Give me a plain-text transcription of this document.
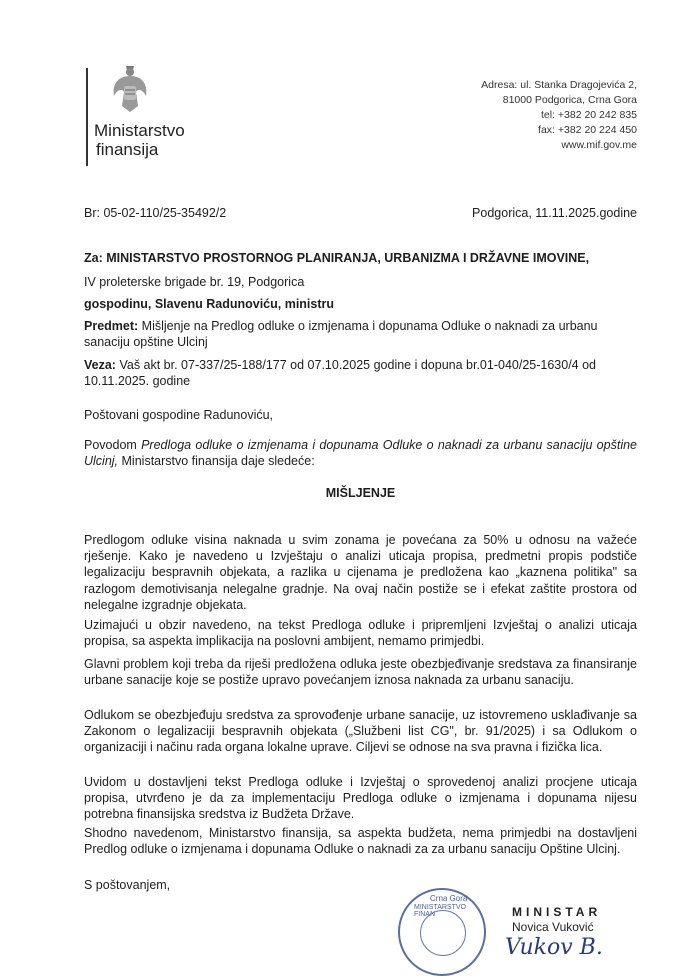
Ministarstvo
finansija
Adresa: ul. Stanka Dragojevića 2,
81000 Podgorica, Crna Gora
tel: +382 20 242 835
fax: +382 20 224 450
www.mif.gov.me
Br: 05-02-110/25-35492/2	Podgorica, 11.11.2025.godine
Za: MINISTARSTVO PROSTORNOG PLANIRANJA, URBANIZMA I DRŽAVNE IMOVINE,
IV proleterske brigade br. 19, Podgorica
gospodinu, Slavenu Radunoviću, ministru
Predmet: Mišljenje na Predlog odluke o izmjenama i dopunama Odluke o naknadi za urbanu sanaciju opštine Ulcinj
Veza: Vaš akt br. 07-337/25-188/177 od 07.10.2025 godine i dopuna br.01-040/25-1630/4 od 10.11.2025. godine
Poštovani gospodine Radunoviću,
Povodom Predloga odluke o izmjenama i dopunama Odluke o naknadi za urbanu sanaciju opštine Ulcinj, Ministarstvo finansija daje sledeće:
MIŠLJENJE
Predlogom odluke visina naknada u svim zonama je povećana za 50% u odnosu na važeće rješenje. Kako je navedeno u Izvještaju o analizi uticaja propisa, predmetni propis podstiče legalizaciju bespravnih objekata, a razlika u cijenama je predložena kao „kaznena politika" sa razlogom demotivisanja nelegalne gradnje. Na ovaj način postiže se i efekat zaštite prostora od nelegalne izgradnje objekata.
Uzimajući u obzir navedeno, na tekst Predloga odluke i pripremljeni Izvještaj o analizi uticaja propisa, sa aspekta implikacija na poslovni ambijent, nemamo primjedbi.
Glavni problem koji treba da riješi predložena odluka jeste obezbjeđivanje sredstava za finansiranje urbane sanacije koje se postiže upravo povećanjem iznosa naknada za urbanu sanaciju.
Odlukom se obezbjeđuju sredstva za sprovođenje urbane sanacije, uz istovremeno usklađivanje sa Zakonom o legalizaciji bespravnih objekata („Službeni list CG", br. 91/2025) i sa Odlukom o organizaciji i načinu rada organa lokalne uprave. Ciljevi se odnose na sva pravna i fizička lica.
Uvidom u dostavljeni tekst Predloga odluke i Izvještaj o sprovedenoj analizi procjene uticaja propisa, utvrđeno je da za implementaciju Predloga odluke o izmjenama i dopunama nijesu potrebna finansijska sredstva iz Budžeta Države.
Shodno navedenom, Ministarstvo finansija, sa aspekta budžeta, nema primjedbi na dostavljeni Predlog odluke o izmjenama i dopunama Odluke o naknadi za za urbanu sanaciju Opštine Ulcinj.
S poštovanjem,
Crna Gora
MINISTARSTVO FINAN	MINISTAR
Novica Vuković
Vukov B.
